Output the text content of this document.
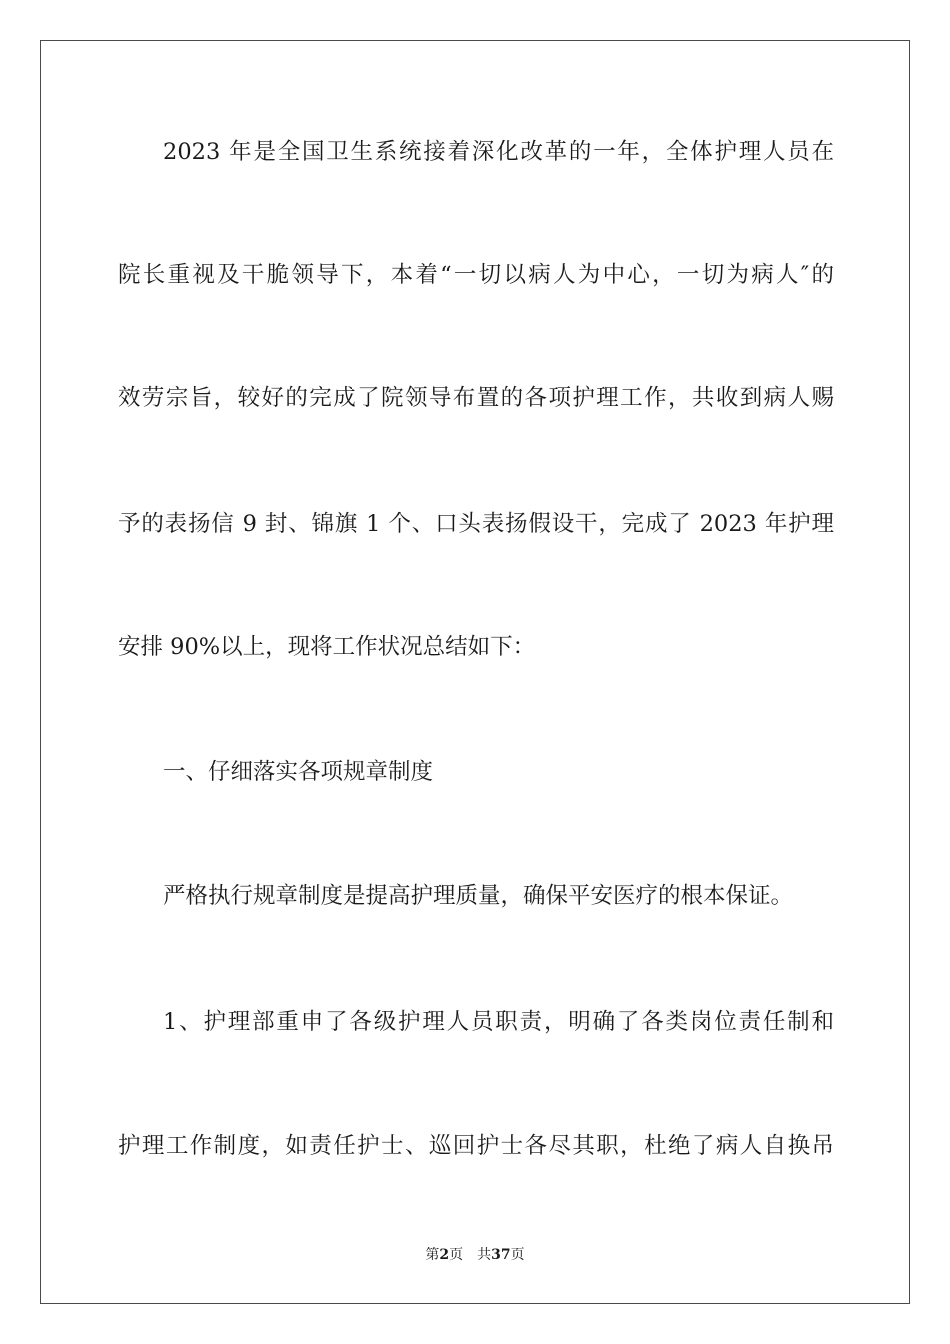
2023 年是全国卫生系统接着深化改革的一年，全体护理人员在
院长重视及干脆领导下，本着“一切以病人为中心，一切为病人″的
效劳宗旨，较好的完成了院领导布置的各项护理工作，共收到病人赐
予的表扬信 9 封、锦旗 1 个、口头表扬假设干，完成了 2023 年护理
安排 90%以上，现将工作状况总结如下：
一、仔细落实各项规章制度
严格执行规章制度是提高护理质量，确保平安医疗的根本保证。
1、护理部重申了各级护理人员职责，明确了各类岗位责任制和
护理工作制度，如责任护士、巡回护士各尽其职，杜绝了病人自换吊
第2页 共37页
